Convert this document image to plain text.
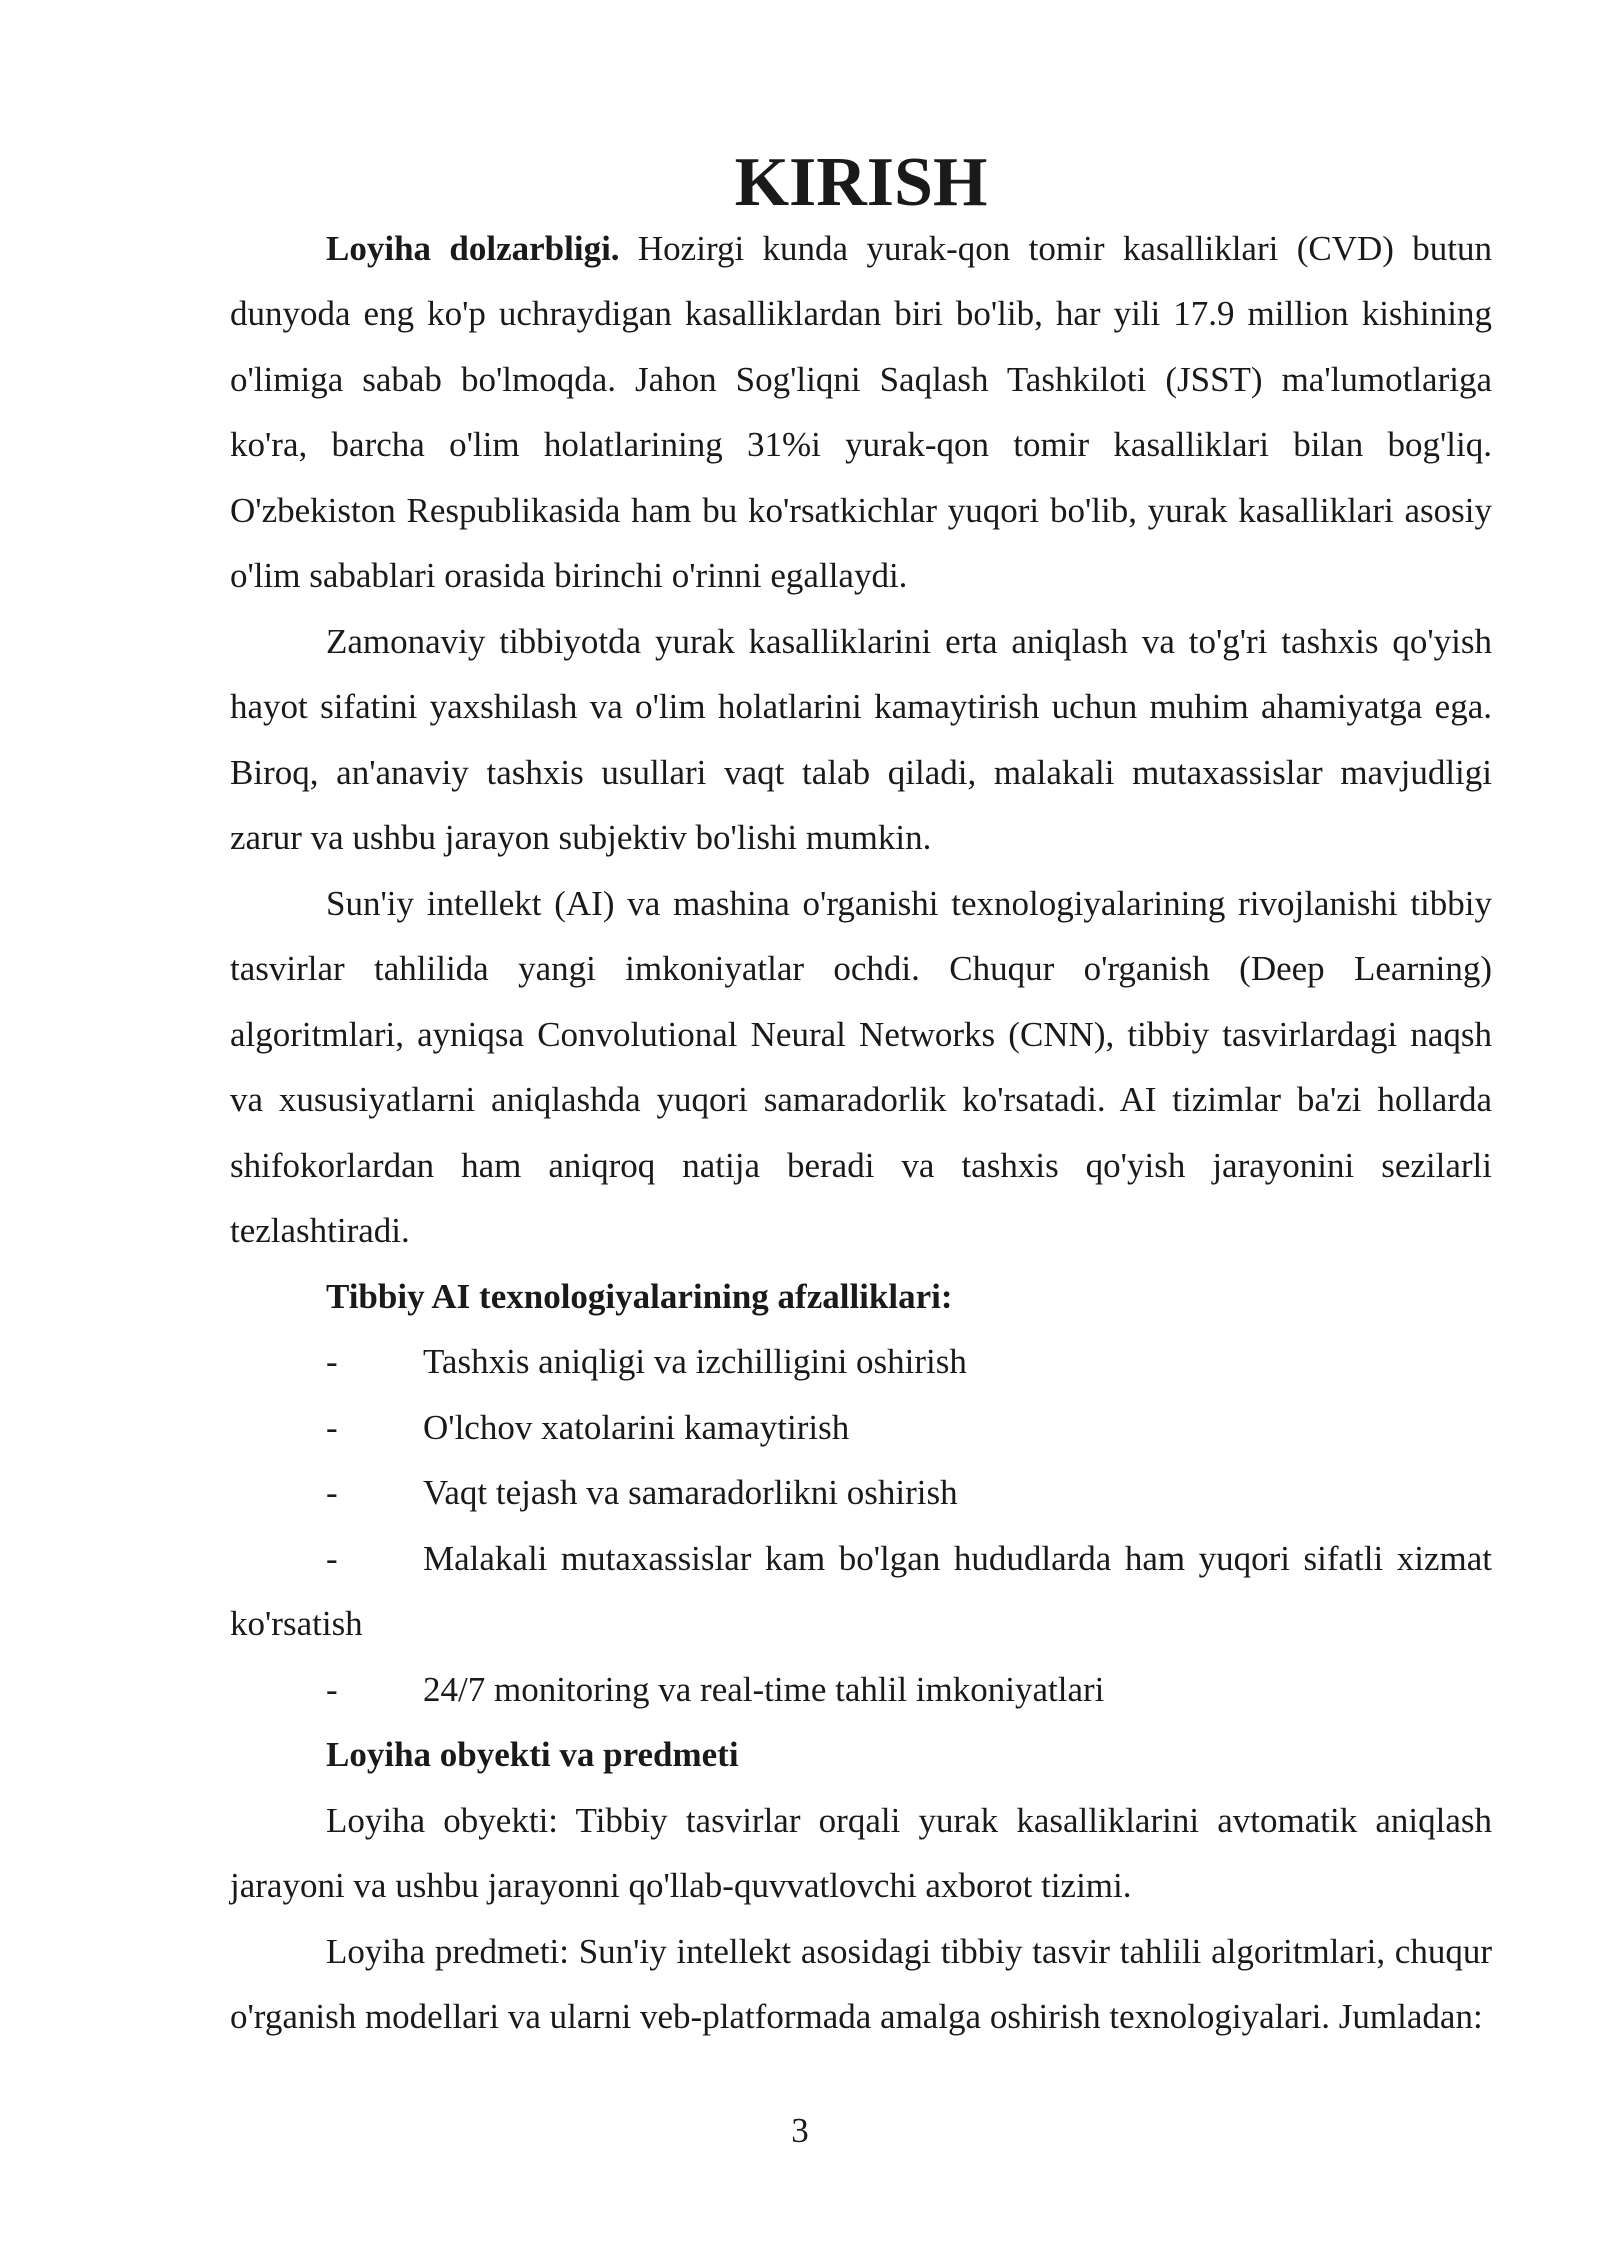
KIRISH

Loyiha dolzarbligi. Hozirgi kunda yurak-qon tomir kasalliklari (CVD) butun dunyoda eng ko'p uchraydigan kasalliklardan biri bo'lib, har yili 17.9 million kishining o'limiga sabab bo'lmoqda. Jahon Sog'liqni Saqlash Tashkiloti (JSST) ma'lumotlariga ko'ra, barcha o'lim holatlarining 31%i yurak-qon tomir kasalliklari bilan bog'liq. O'zbekiston Respublikasida ham bu ko'rsatkichlar yuqori bo'lib, yurak kasalliklari asosiy o'lim sabablari orasida birinchi o'rinni egallaydi.

Zamonaviy tibbiyotda yurak kasalliklarini erta aniqlash va to'g'ri tashxis qo'yish hayot sifatini yaxshilash va o'lim holatlarini kamaytirish uchun muhim ahamiyatga ega. Biroq, an'anaviy tashxis usullari vaqt talab qiladi, malakali mutaxassislar mavjudligi zarur va ushbu jarayon subjektiv bo'lishi mumkin.

Sun'iy intellekt (AI) va mashina o'rganishi texnologiyalarining rivojlanishi tibbiy tasvirlar tahlilida yangi imkoniyatlar ochdi. Chuqur o'rganish (Deep Learning) algoritmlari, ayniqsa Convolutional Neural Networks (CNN), tibbiy tasvirlardagi naqsh va xususiyatlarni aniqlashda yuqori samaradorlik ko'rsatadi. AI tizimlar ba'zi hollarda shifokorlardan ham aniqroq natija beradi va tashxis qo'yish jarayonini sezilarli tezlashtiradi.

Tibbiy AI texnologiyalarining afzalliklari:
- Tashxis aniqligi va izchilligini oshirish
- O'lchov xatolarini kamaytirish
- Vaqt tejash va samaradorlikni oshirish
- Malakali mutaxassislar kam bo'lgan hududlarda ham yuqori sifatli xizmat ko'rsatish
- 24/7 monitoring va real-time tahlil imkoniyatlari
Loyiha obyekti va predmeti

Loyiha obyekti: Tibbiy tasvirlar orqali yurak kasalliklarini avtomatik aniqlash jarayoni va ushbu jarayonni qo'llab-quvvatlovchi axborot tizimi.

Loyiha predmeti: Sun'iy intellekt asosidagi tibbiy tasvir tahlili algoritmlari, chuqur o'rganish modellari va ularni veb-platformada amalga oshirish texnologiyalari. Jumladan:

3
